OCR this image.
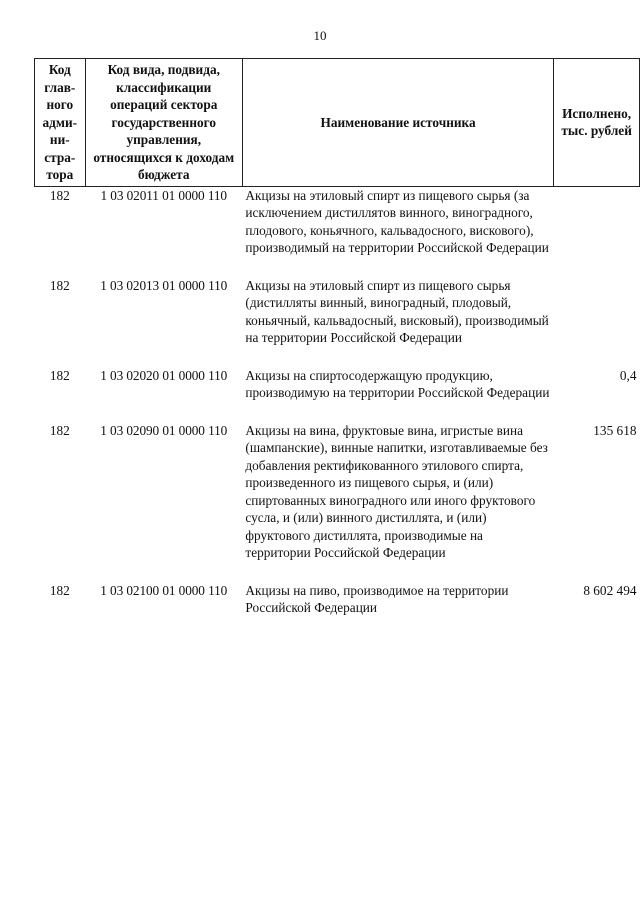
10
Код глав-ного адми-ни-стра-тора	Код вида, подвида, классификации операций сектора государственного управления, относящихся к доходам бюджета	Наименование источника	Исполнено, тыс. рублей
182	1 03 02011 01 0000 110	Акцизы на этиловый спирт из пищевого сырья (за исключением дистиллятов винного, виноградного, плодового, коньячного, кальвадосного, вискового), производимый на территории Российской Федерации	

182	1 03 02013 01 0000 110	Акцизы на этиловый спирт из пищевого сырья (дистилляты винный, виноградный, плодовый, коньячный, кальвадосный, висковый), производимый на территории Российской Федерации	

182	1 03 02020 01 0000 110	Акцизы на спиртосодержащую продукцию, производимую на территории Российской Федерации	0,4

182	1 03 02090 01 0000 110	Акцизы на вина, фруктовые вина, игристые вина (шампанские), винные напитки, изготавливаемые без добавления ректификованного этилового спирта, произведенного из пищевого сырья, и (или) спиртованных виноградного или иного фруктового сусла, и (или) винного дистиллята, и (или) фруктового дистиллята, производимые на территории Российской Федерации	135 618

182	1 03 02100 01 0000 110	Акцизы на пиво, производимое на территории Российской Федерации	8 602 494
